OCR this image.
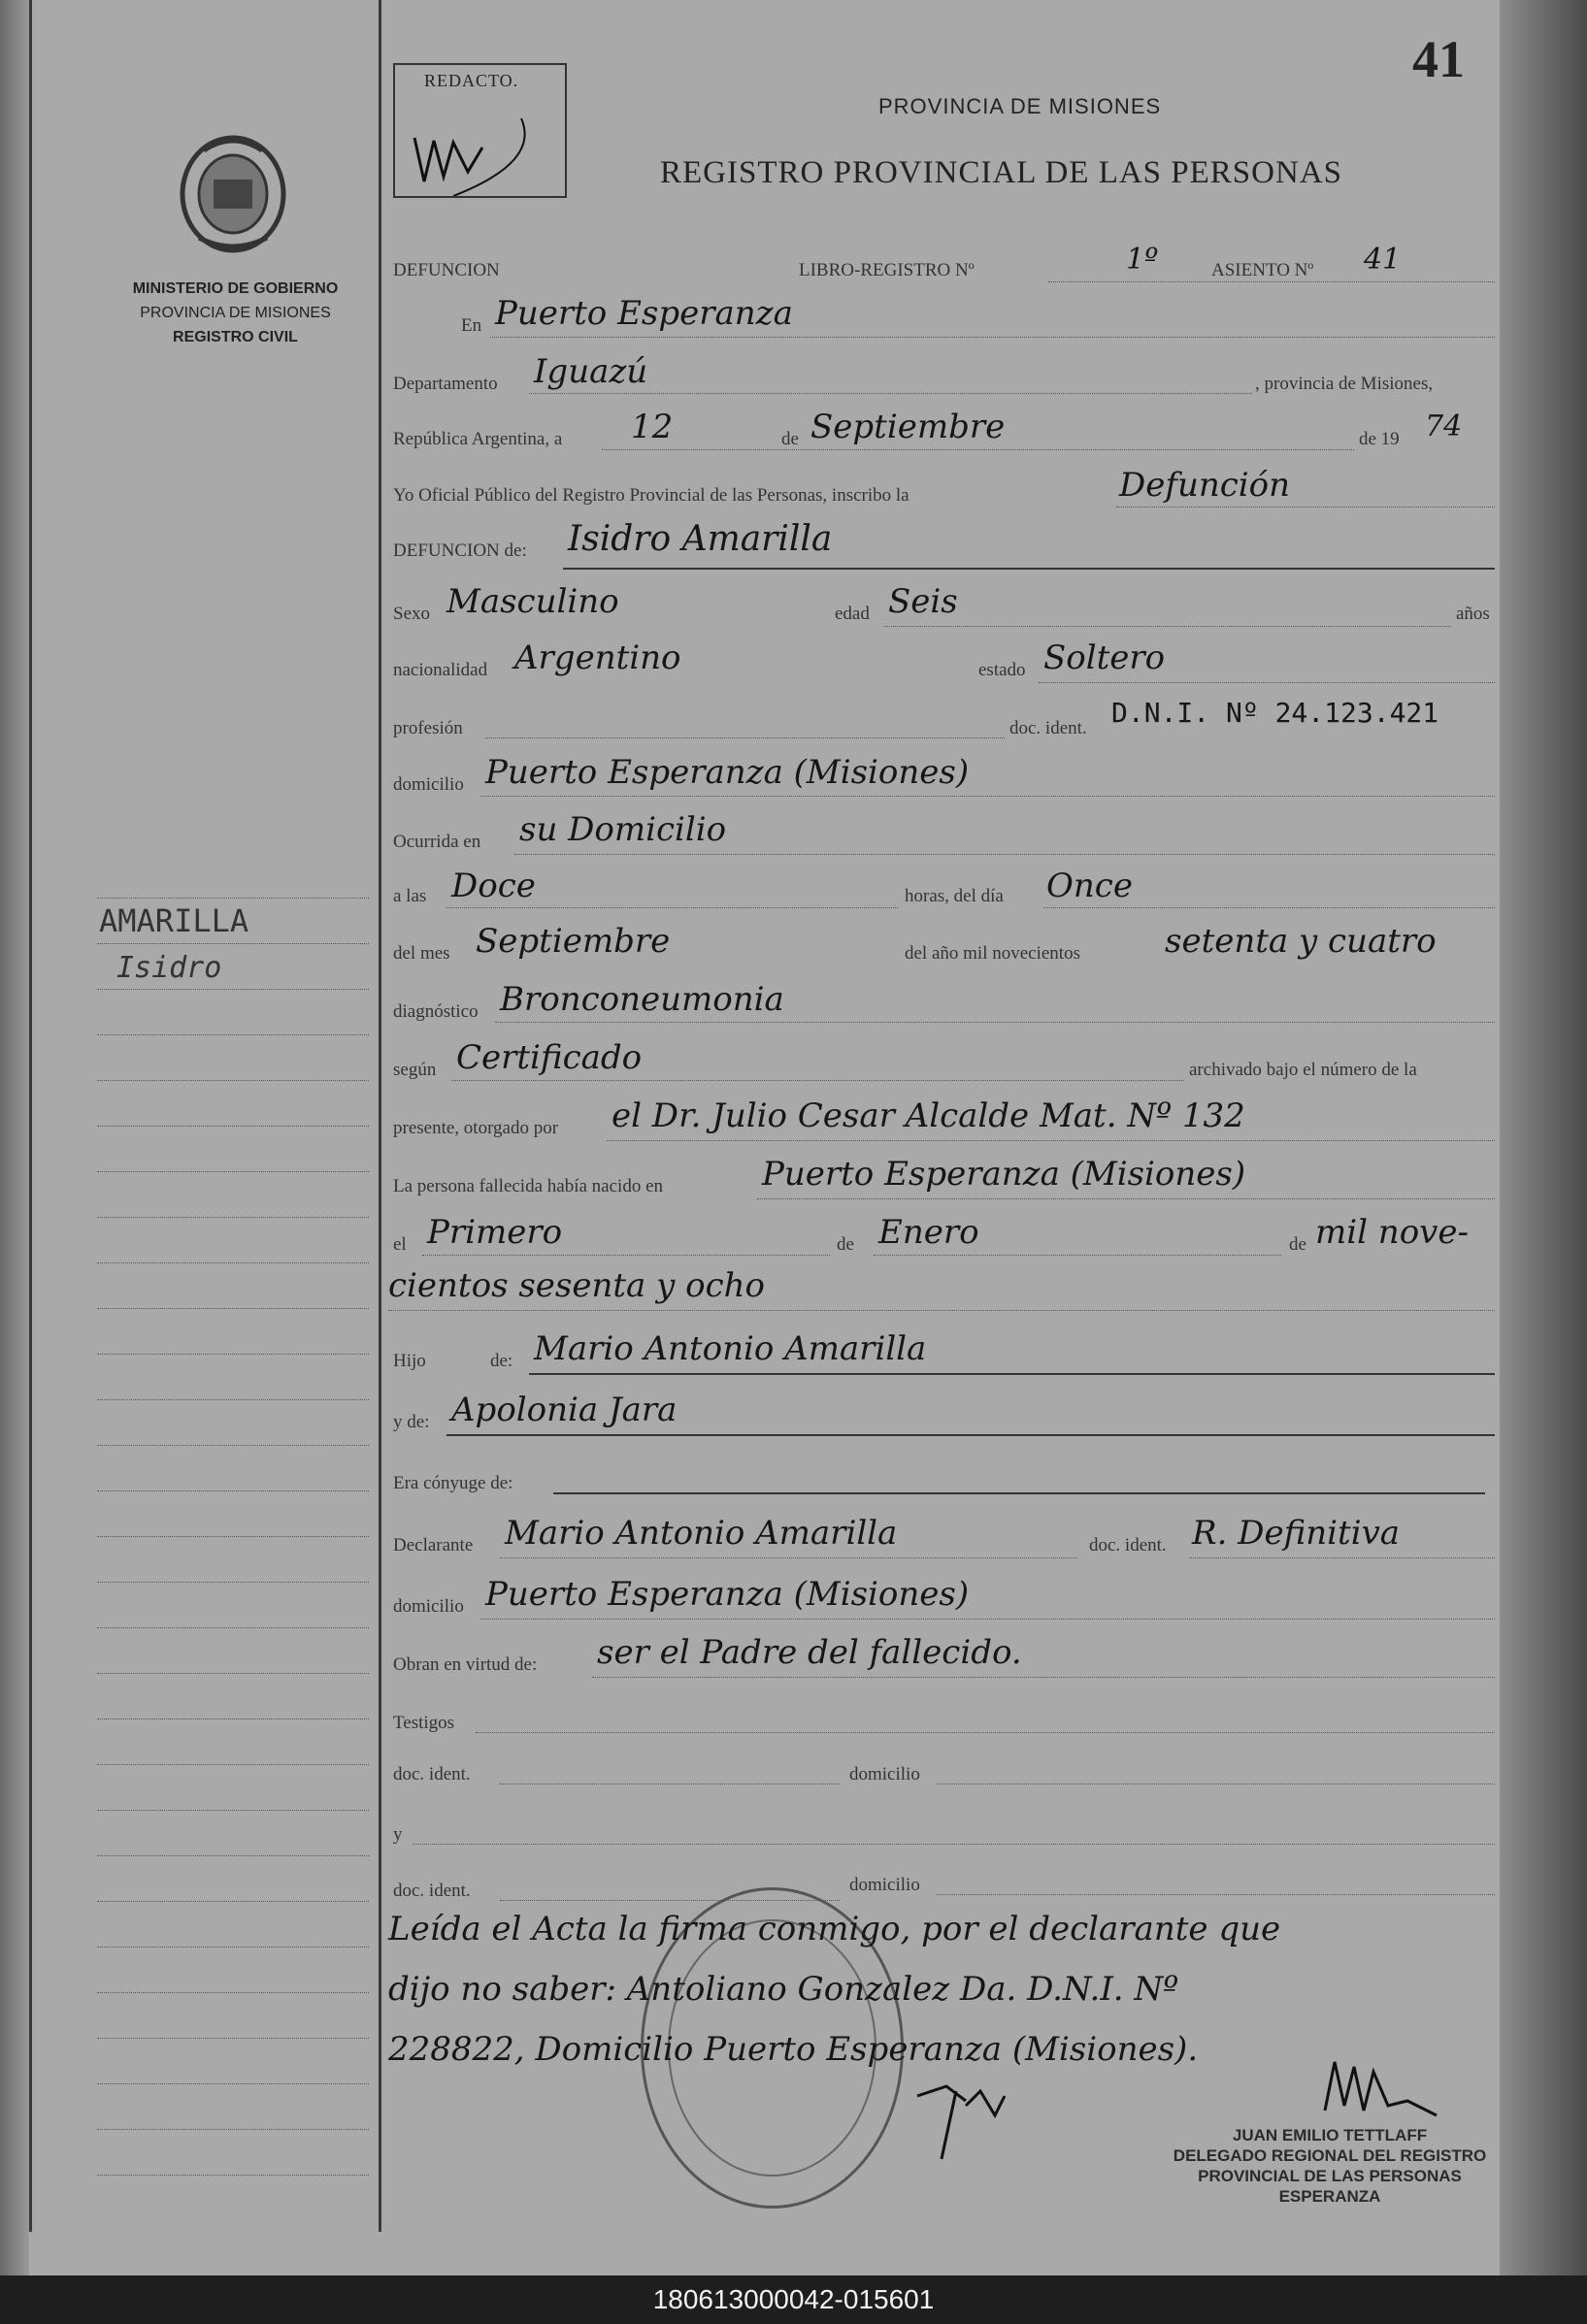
MINISTERIO DE GOBIERNO
PROVINCIA DE MISIONES
REGISTRO CIVIL
AMARILLA
Isidro
REDACTO.	41
PROVINCIA DE MISIONES
REGISTRO PROVINCIAL DE LAS PERSONAS
DEFUNCION	LIBRO-REGISTRO Nº	1º	ASIENTO Nº 41
En Puerto Esperanza
Departamento Iguazú	, provincia de Misiones,
República Argentina, a 12	de Septiembre	de 19 74
Yo Oficial Público del Registro Provincial de las Personas, inscribo la	Defunción
DEFUNCION de: Isidro Amarilla
Sexo Masculino	edad Seis	años
nacionalidad Argentino	estado Soltero
profesión	doc. ident. D.N.I. Nº 24.123.421
domicilio Puerto Esperanza (Misiones)
Ocurrida en su Domicilio
a las Doce	horas, del día Once
del mes Septiembre	del año mil novecientos	setenta y cuatro
diagnóstico Bronconeumonia
según Certificado	archivado bajo el número de la
presente, otorgado por el Dr. Julio Cesar Alcalde Mat. Nº 132
La persona fallecida había nacido en	Puerto Esperanza (Misiones)
el Primero	de Enero	de mil nove-
cientos sesenta y ocho
Hijo	de: Mario Antonio Amarilla
y de: Apolonia Jara
Era cónyuge de:
Declarante Mario Antonio Amarilla	doc. ident. R. Definitiva
domicilio Puerto Esperanza (Misiones)
Obran en virtud de: ser el Padre del fallecido.
Testigos
doc. ident.	domicilio
y
doc. ident.	domicilio
Leída el Acta la firma conmigo, por el declarante que
dijo no saber: Antoliano Gonzalez Da. D.N.I. Nº
228822, Domicilio Puerto Esperanza (Misiones).
JUAN EMILIO TETTLAFF
DELEGADO REGIONAL DEL REGISTRO
PROVINCIAL DE LAS PERSONAS
ESPERANZA
180613000042-015601
